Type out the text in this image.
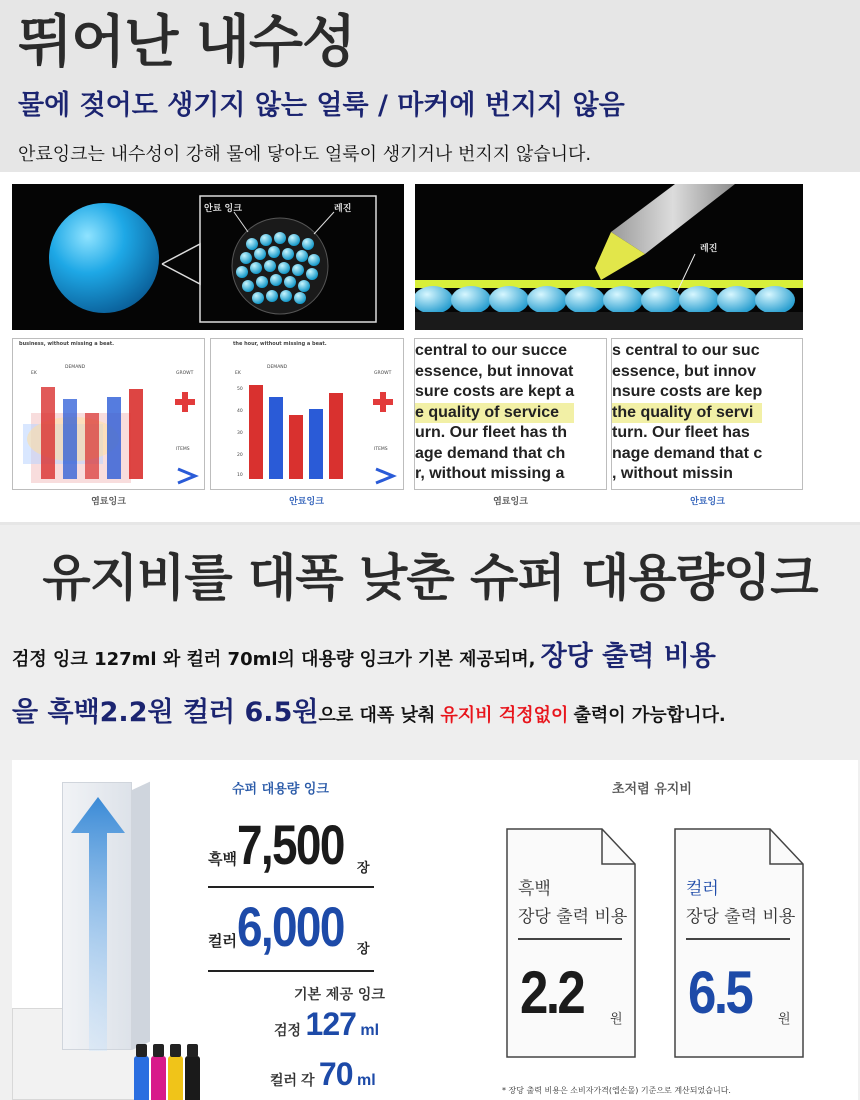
뛰어난 내수성
물에 젖어도 생기지 않는 얼룩 / 마커에 번지지 않음
안료잉크는 내수성이 강해 물에 닿아도 얼룩이 생기거나 번지지 않습니다.
안료 잉크	레진
레진
business, without missing a beat.
EK
DEMAND
GROWT
ITEMS
the hour, without missing a beat.
EK
DEMAND
GROWT
ITEMS
50
40
30
20
10
central to our succe
essence, but innovat
sure costs are kept a
e quality of service
urn. Our fleet has th
age demand that ch
r, without missing a
s central to our suc
essence, but innov
nsure costs are kep
the quality of servi
turn. Our fleet has
nage demand that c
, without missin
염료잉크	안료잉크	염료잉크	안료잉크
유지비를 대폭 낮춘 슈퍼 대용량잉크
검정 잉크 127ml 와 컬러 70ml의 대용량 잉크가 기본 제공되며, 장당 출력 비용
을 흑백2.2원 컬러 6.5원으로 대폭 낮춰 유지비 걱정없이 출력이 가능합니다.
슈퍼 대용량 잉크
흑백7,500	장
컬러6,000	장
기본 제공 잉크
검정 127 ml
컬러 각 70 ml
초저렴 유지비
흑백
장당 출력 비용
2.2 원
컬러
장당 출력 비용
6.5 원
* 장당 출력 비용은 소비자가격(엡손몰) 기준으로 계산되었습니다.
